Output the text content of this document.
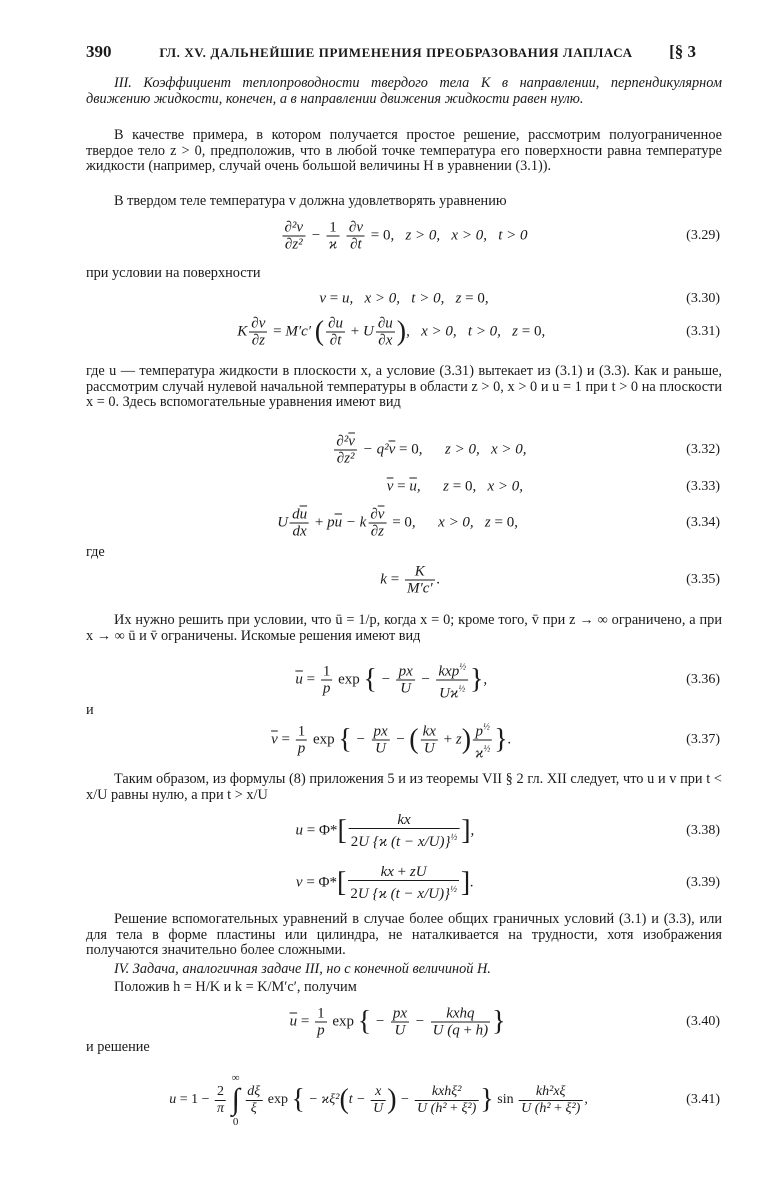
390	ГЛ. XV. ДАЛЬНЕЙШИЕ ПРИМЕНЕНИЯ ПРЕОБРАЗОВАНИЯ ЛАПЛАСА	[§ 3
III. Коэффициент теплопроводности твердого тела K в направлении, перпендикулярном движению жидкости, конечен, а в направлении движения жидкости равен нулю.
В качестве примера, в котором получается простое решение, рассмотрим полуограниченное твердое тело z > 0, предположив, что в любой точке температура его поверхности равна температуре жидкости (например, случай очень большой величины H в уравнении (3.1)).
В твердом теле температура v должна удовлетворять уравнению
$\frac{\text{∂²v}}{\text{∂z²}} - \frac{1}{ϰ}$
$\frac{\partial v}{\partial t} = 0$,   z > 0,   x > 0,   t > 0	(3.29)
при условии на поверхности
v = u,   x > 0,   t > 0,   z = 0,	(3.30)
K $\frac{\partial v}{\partial z} = M'c'$ ( $\frac{\partial u}{\partial t} + U \frac{\partial u}{\partial x}$ ),   x > 0,   t > 0,   z = 0,	(3.31)
где u — температура жидкости в плоскости x, а условие (3.31) вытекает из (3.1) и (3.3). Как и раньше, рассмотрим случай нулевой начальной температуры в области z > 0, x > 0 и u = 1 при t > 0 на плоскости x = 0. Здесь вспомогательные уравнения имеют вид
$\frac{\partial^2\overline{v}}{\text{∂z²}} - q^2\overline{v} = 0$,      z > 0,   x > 0,	(3.32)
$\overline{v} = \overline{u}$,      z = 0,   x > 0,	(3.33)
U $\frac{d\overline{u}}{dx} + p\overline{u} - k \frac{\partial\overline{v}}{\partial z} = 0$,      x > 0,   z = 0,	(3.34)
где
$k = \frac{K}{M'c'}$ .	(3.35)
Их нужно решить при условии, что ū = 1/p, когда x = 0; кроме того, v̄ при z → ∞ ограничено, а при x → ∞ ū и v̄ ограничены. Искомые решения имеют вид
$\overline{u} = \frac{1}{p}$ exp { − $\frac{px}{U} - \frac{kxp^{\frac{1}{2}}}{Uϰ^{\frac{1}{2}}}$ },	(3.36)
и
$\overline{v} = \frac{1}{p}$ exp { − $\frac{px}{U}$ − ( $\frac{kx}{U} + z) \frac{p^{\frac{1}{2}}}{ϰ^{\frac{1}{2}}}$ }.	(3.37)
Таким образом, из формулы (8) приложения 5 и из теоремы VII § 2 гл. XII следует, что u и v при t < x/U равны нулю, а при t > x/U
$u = \Phi*[ \frac{kx}{2U \{ϰ (t - x/U)\}^{\frac{1}{2}}}$ ],	(3.38)
$v = \Phi*[ \frac{kx + zU}{2U \{ϰ (t - x/U)\}^{\frac{1}{2}}}$ ].	(3.39)
Решение вспомогательных уравнений в случае более общих граничных условий (3.1) и (3.3), или для тела в форме пластины или цилиндра, не наталкивается на трудности, хотя изображения получаются значительно более сложными.
IV. Задача, аналогичная задаче III, но с конечной величиной H.
Положив h = H/K и k = K/M′c′, получим
$\overline{u} = \frac{1}{p}$ exp { − $\frac{px}{U} - \frac{\text{kxhq}}{U (q + h)}$ }	(3.40)
и решение
$u = 1 - \frac{2}{\pi}$

∞
∫
0

$\frac{d\xi}{\xi}$ exp { − $ϰ\xi^2(t - \frac{x}{U}$ ) − $\frac{\text{kxhξ²}}{\text{U (h² + ξ²)}}$ } $\sin \frac{\text{kh²xξ}}{\text{U (h² + ξ²)}}$ ,	(3.41)
